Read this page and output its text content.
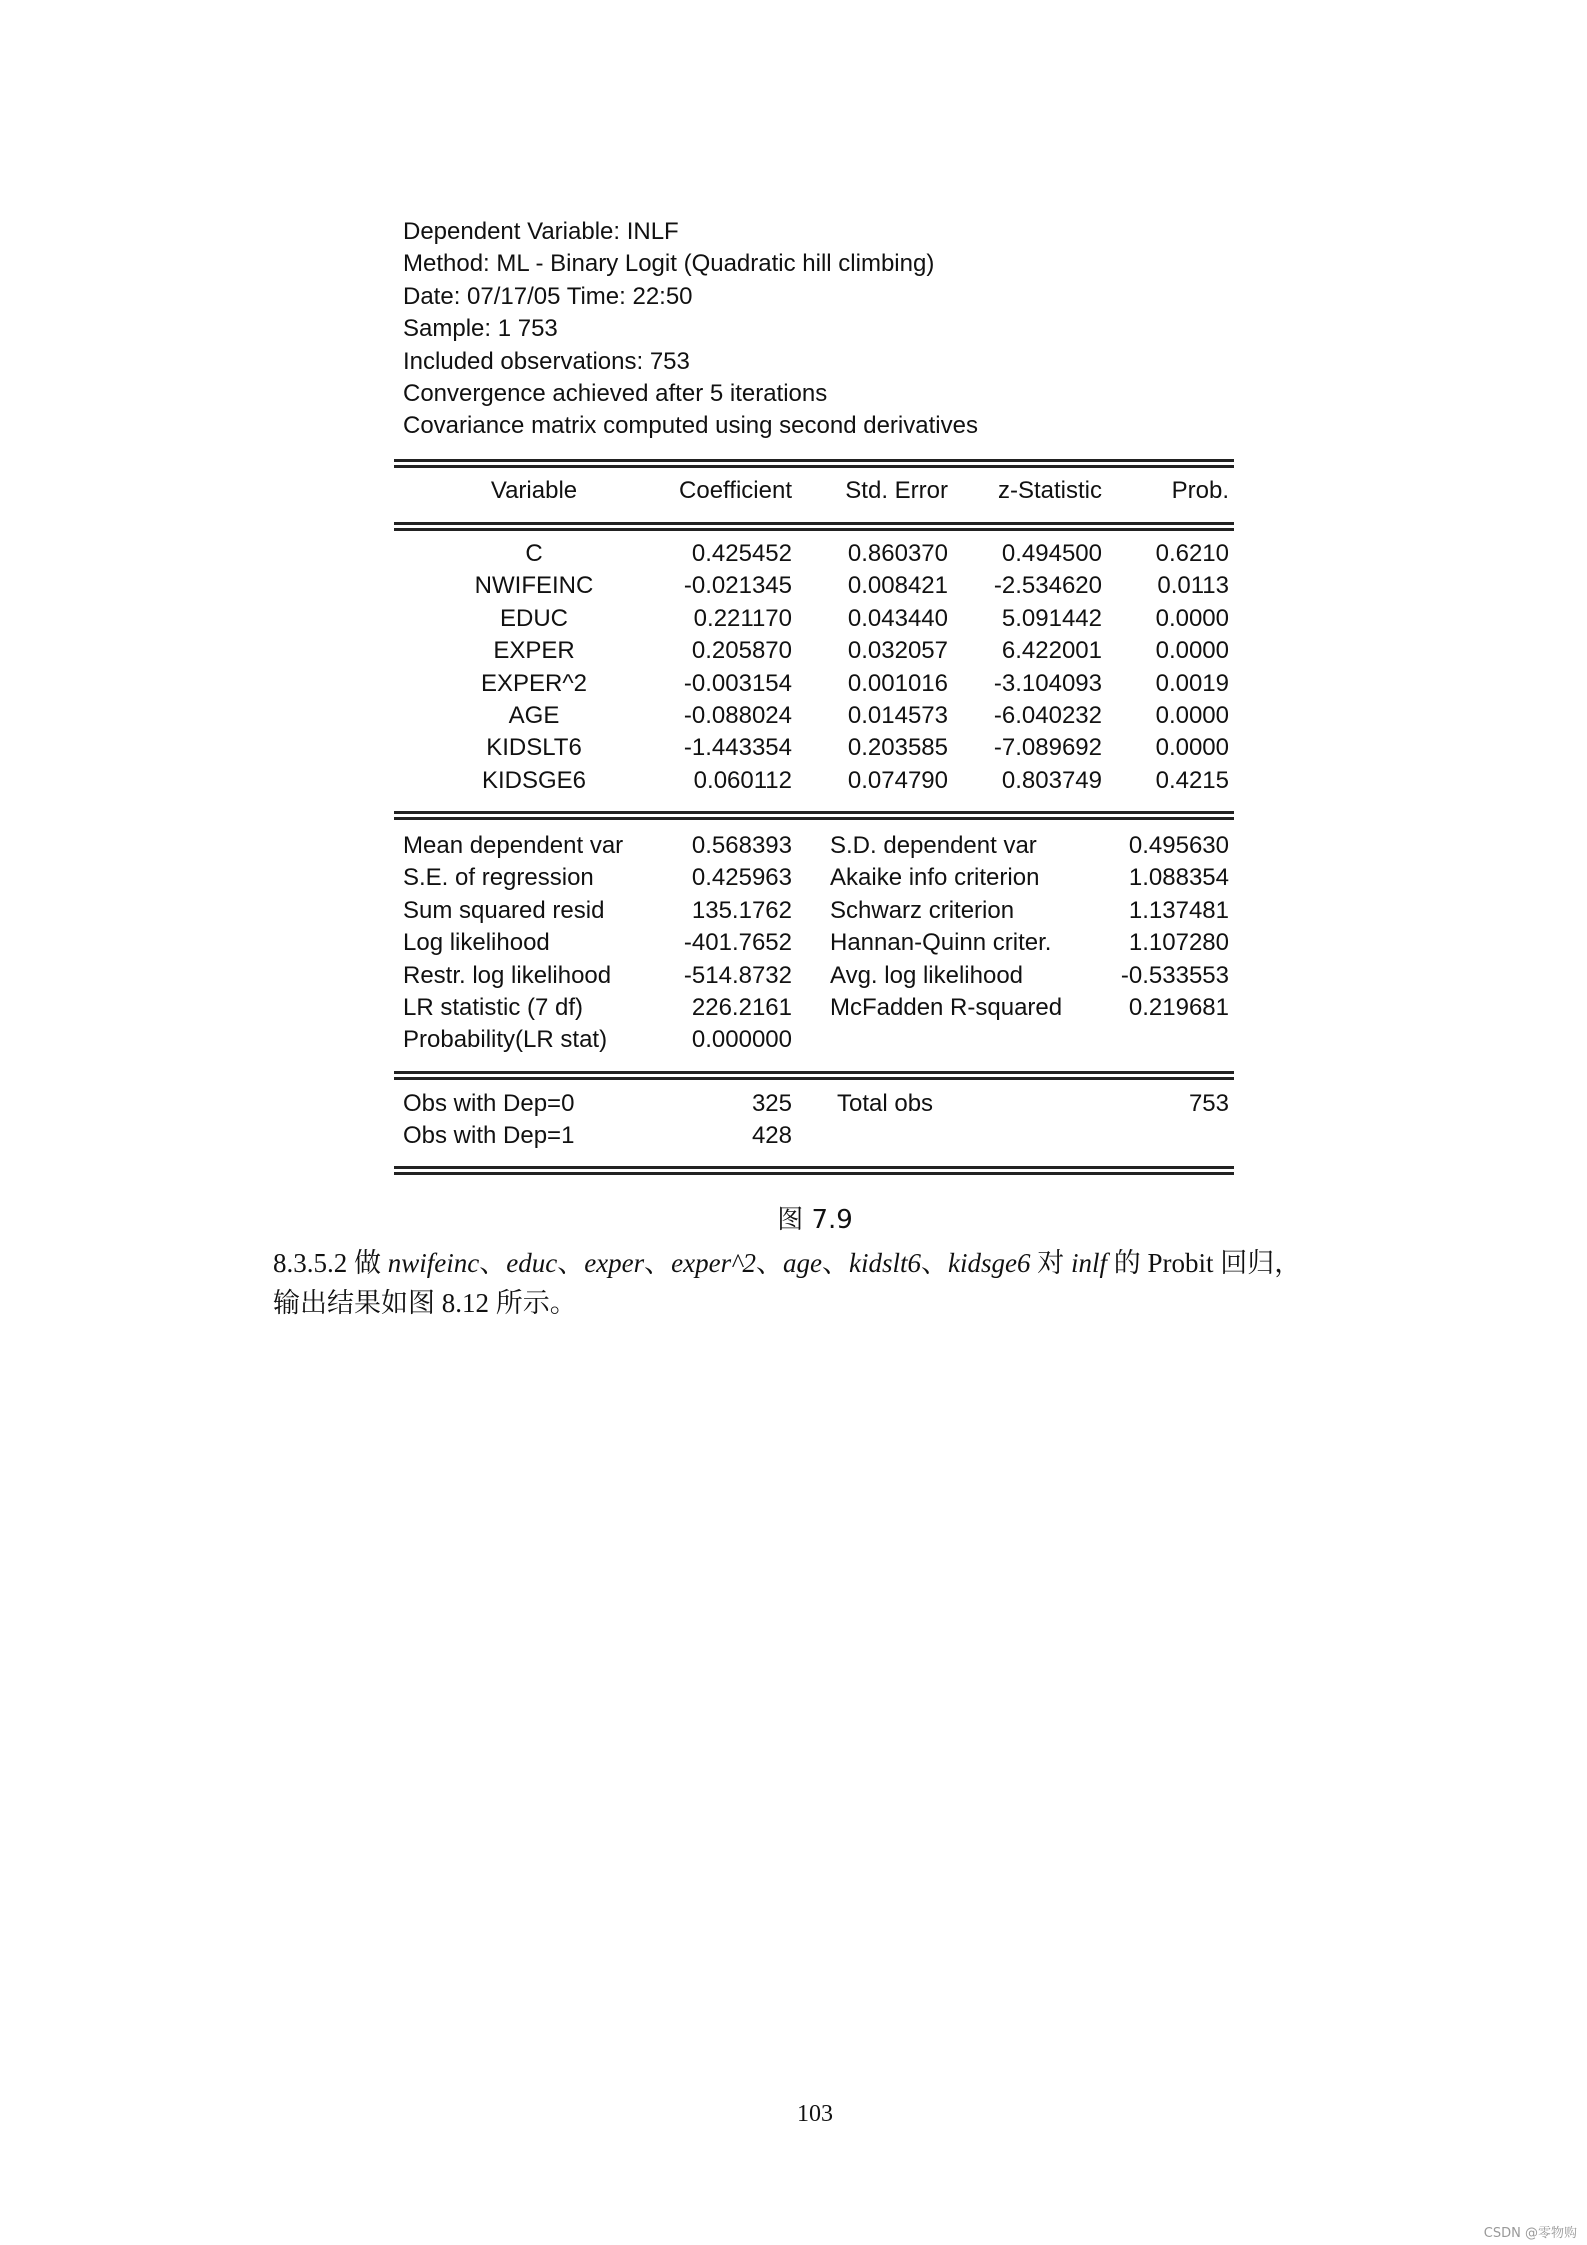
Dependent Variable: INLF
Method: ML - Binary Logit (Quadratic hill climbing)
Date: 07/17/05 Time: 22:50
Sample: 1 753
Included observations: 753
Convergence achieved after 5 iterations
Covariance matrix computed using second derivatives
Variable	Coefficient Std. Error z-Statistic	Prob.
C	0.425452 0.860370 0.494500 0.6210
NWIFEINC	-0.021345 0.008421 -2.534620 0.0113
EDUC	0.221170 0.043440 5.091442 0.0000
EXPER	0.205870 0.032057 6.422001 0.0000
EXPER^2	-0.003154 0.001016 -3.104093 0.0019
AGE	-0.088024 0.014573 -6.040232 0.0000
KIDSLT6	-1.443354 0.203585 -7.089692 0.0000
KIDSGE6	0.060112 0.074790 0.803749 0.4215
Mean dependent var	0.568393 S.D. dependent var	0.495630
S.E. of regression	0.425963 Akaike info criterion	1.088354
Sum squared resid	135.1762 Schwarz criterion	1.137481
Log likelihood	-401.7652 Hannan-Quinn criter.	1.107280
Restr. log likelihood	-514.8732 Avg. log likelihood	-0.533553
LR statistic (7 df)	226.2161 McFadden R-squared	0.219681
Probability(LR stat)	0.000000
Obs with Dep=0	325 Total obs	753
Obs with Dep=1	428
图 7.9
8.3.5.2 做 nwifeinc、educ、exper、exper^2、age、kidslt6、kidsge6 对 inlf 的 Probit 回归，
输出结果如图 8.12 所示。
103
CSDN @零物购
